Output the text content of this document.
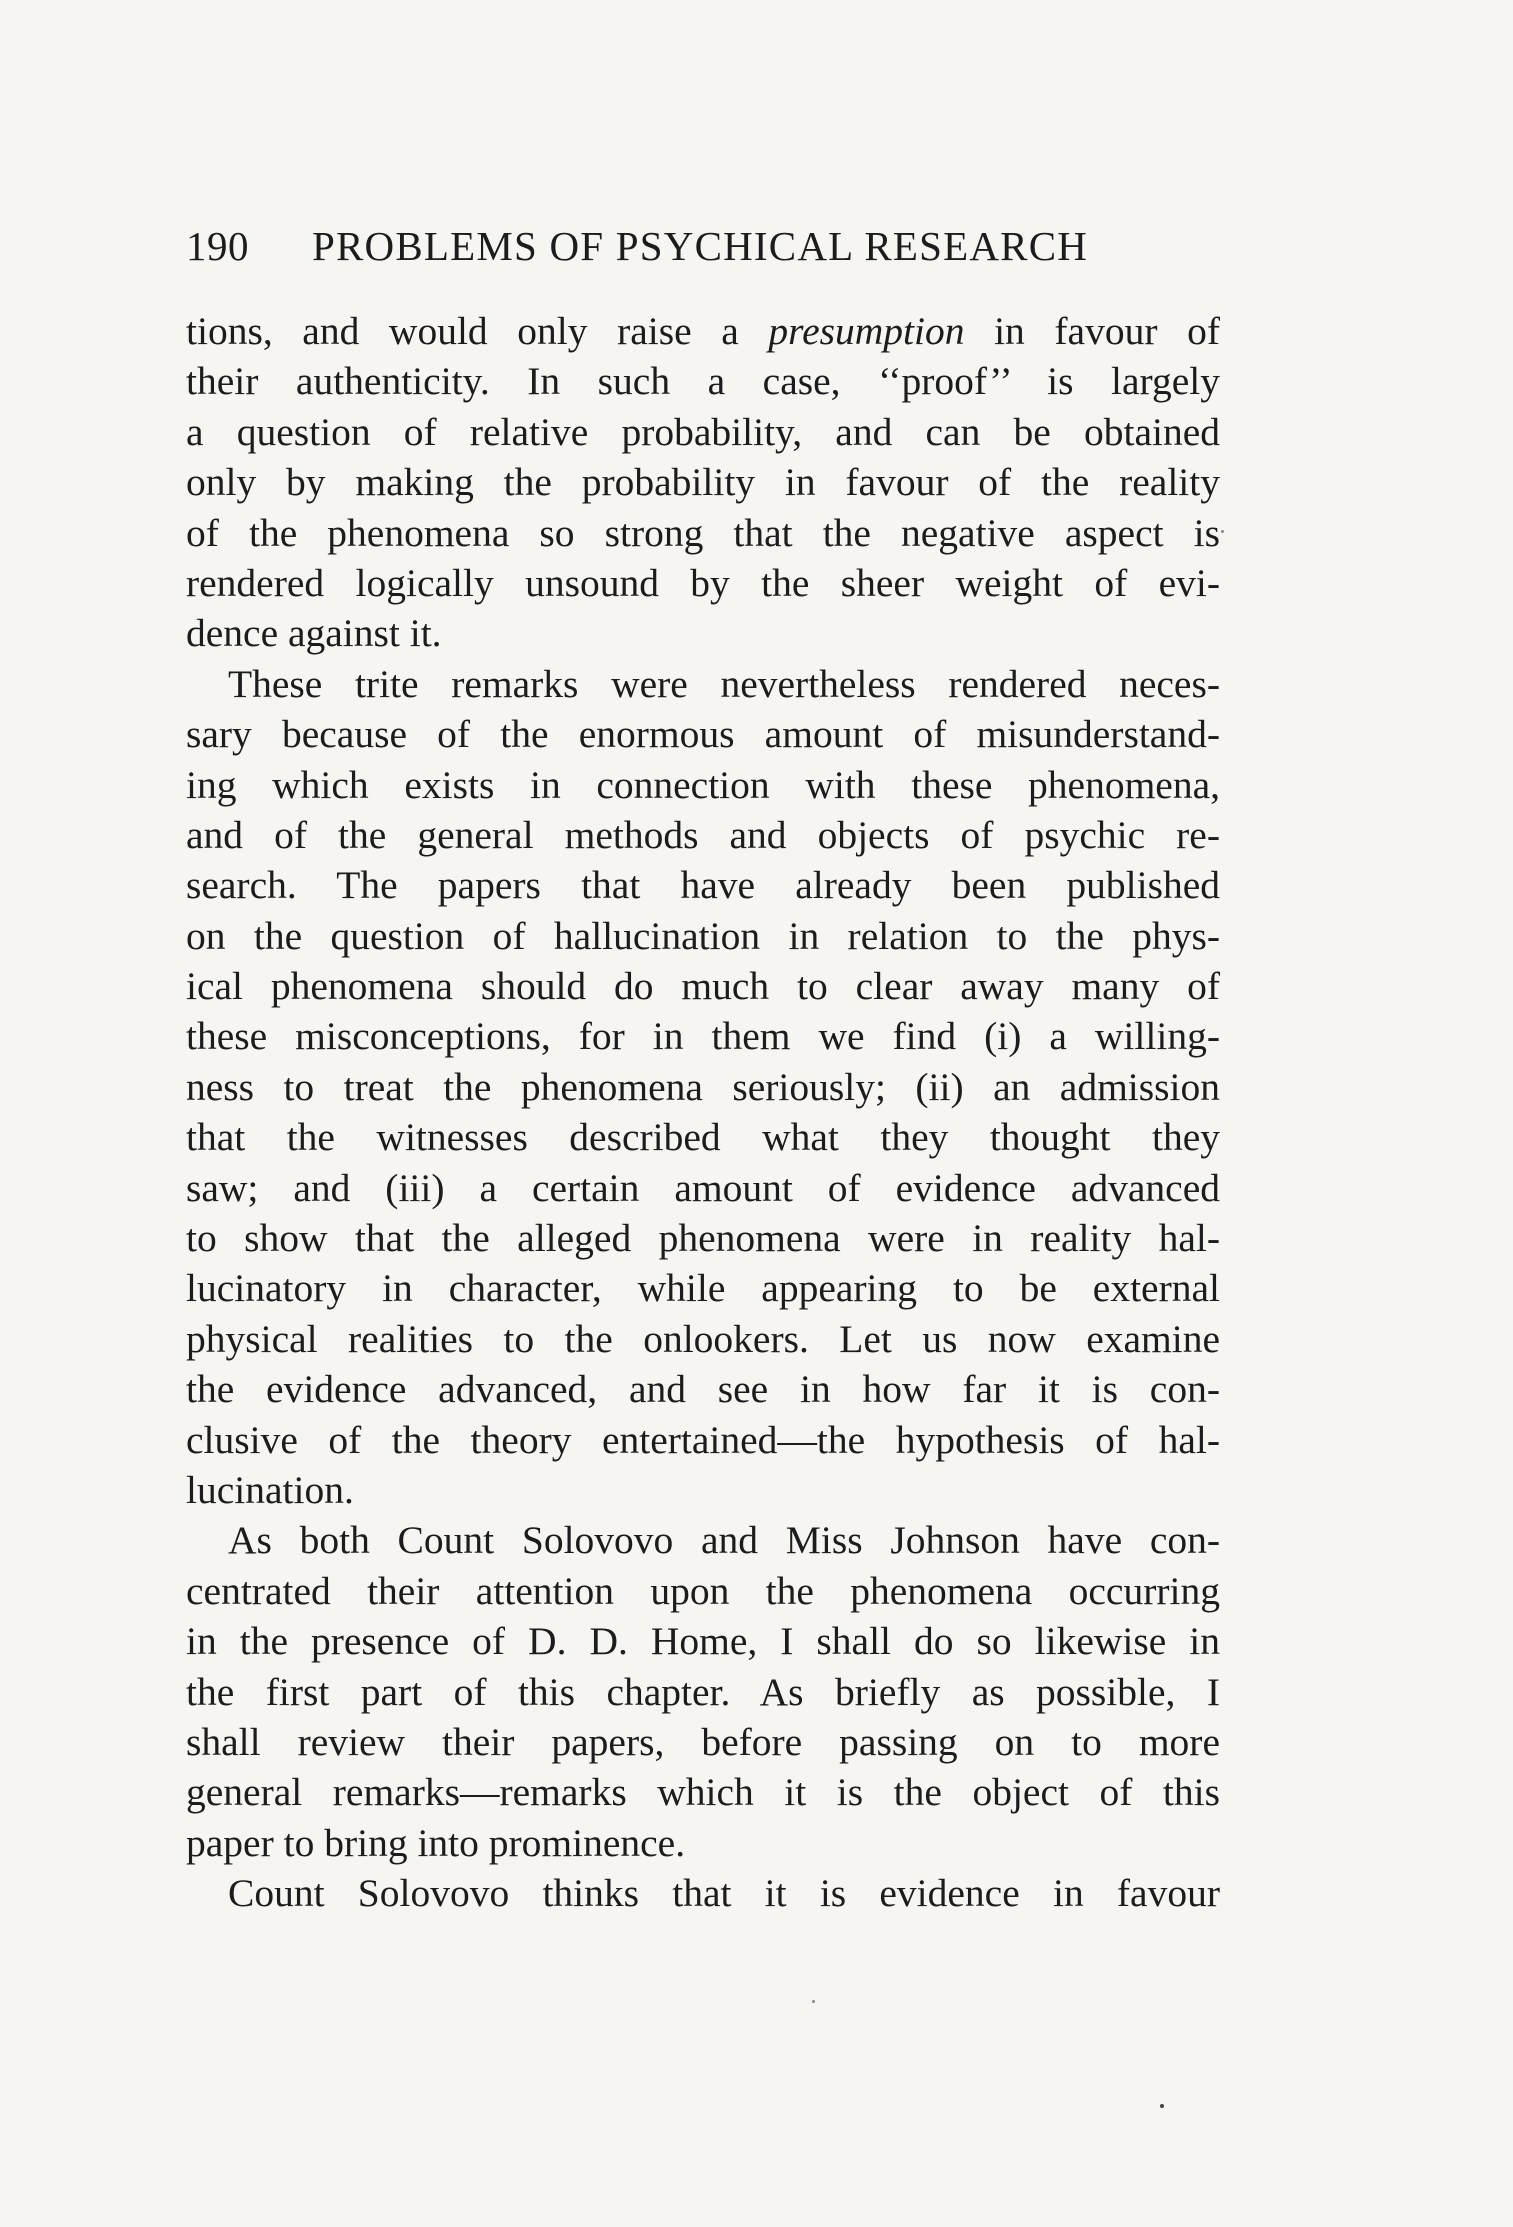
190 PROBLEMS OF PSYCHICAL RESEARCH
tions, and would only raise a presumption in favour of
their authenticity. In such a case, ‘‘proof’’ is largely
a question of relative probability, and can be obtained
only by making the probability in favour of the reality
of the phenomena so strong that the negative aspect is
rendered logically unsound by the sheer weight of evi-
dence against it.
These trite remarks were nevertheless rendered neces-
sary because of the enormous amount of misunderstand-
ing which exists in connection with these phenomena,
and of the general methods and objects of psychic re-
search. The papers that have already been published
on the question of hallucination in relation to the phys-
ical phenomena should do much to clear away many of
these misconceptions, for in them we find (i) a willing-
ness to treat the phenomena seriously; (ii) an admission
that the witnesses described what they thought they
saw; and (iii) a certain amount of evidence advanced
to show that the alleged phenomena were in reality hal-
lucinatory in character, while appearing to be external
physical realities to the onlookers. Let us now examine
the evidence advanced, and see in how far it is con-
clusive of the theory entertained—the hypothesis of hal-
lucination.
As both Count Solovovo and Miss Johnson have con-
centrated their attention upon the phenomena occurring
in the presence of D. D. Home, I shall do so likewise in
the first part of this chapter. As briefly as possible, I
shall review their papers, before passing on to more
general remarks—remarks which it is the object of this
paper to bring into prominence.
Count Solovovo thinks that it is evidence in favour
